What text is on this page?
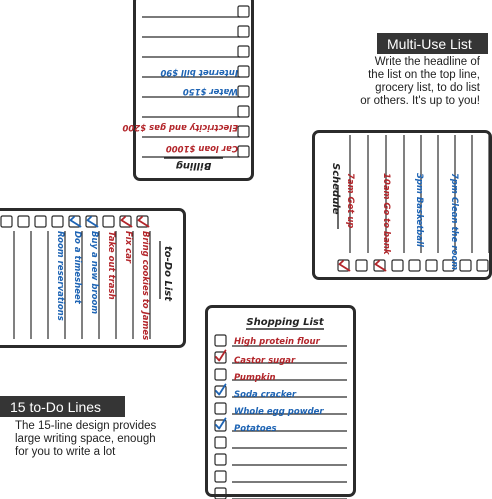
Billing
Car loan $1000
Electricity and gas $200
Water $150
Internet bill $90
Multi-Use List
Write the headline of
the list on the top line,
grocery list, to do list
or others. It's up to you!
Schedule 7am Get up	10am Go to bank	3pm Basketball	7pm Clean the room
to-Do List
Bring cookies to James
Fix car
Take out trash
Buy a new broom
Do a timesheet
Room reservations
15 to-Do Lines
The 15-line design provides
large writing space, enough
for you to write a lot
Shopping List
High protein flour
Castor sugar
Pumpkin
Soda cracker
Whole egg powder
Potatoes
